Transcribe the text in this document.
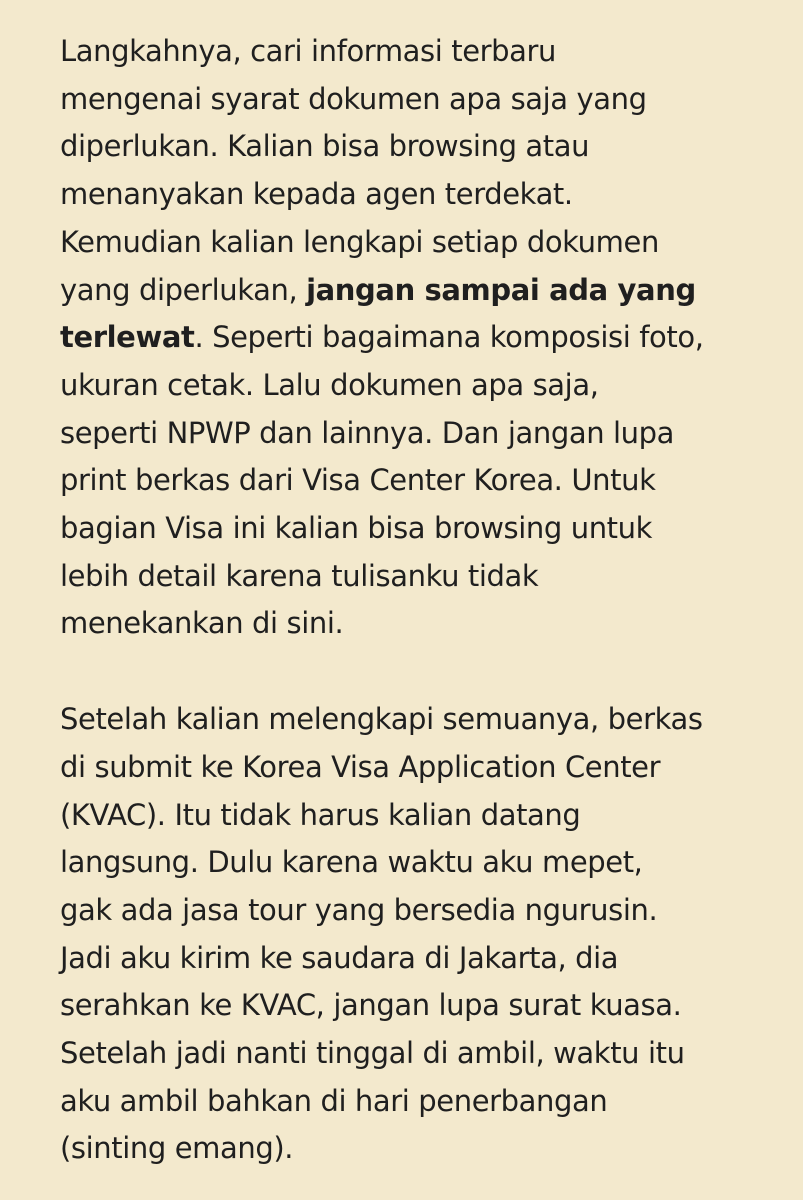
Langkahnya, cari informasi terbaru
mengenai syarat dokumen apa saja yang
diperlukan. Kalian bisa browsing atau
menanyakan kepada agen terdekat.
Kemudian kalian lengkapi setiap dokumen
yang diperlukan, jangan sampai ada yang
terlewat. Seperti bagaimana komposisi foto,
ukuran cetak. Lalu dokumen apa saja,
seperti NPWP dan lainnya. Dan jangan lupa
print berkas dari Visa Center Korea. Untuk
bagian Visa ini kalian bisa browsing untuk
lebih detail karena tulisanku tidak
menekankan di sini.

Setelah kalian melengkapi semuanya, berkas
di submit ke Korea Visa Application Center
(KVAC). Itu tidak harus kalian datang
langsung. Dulu karena waktu aku mepet,
gak ada jasa tour yang bersedia ngurusin.
Jadi aku kirim ke saudara di Jakarta, dia
serahkan ke KVAC, jangan lupa surat kuasa.
Setelah jadi nanti tinggal di ambil, waktu itu
aku ambil bahkan di hari penerbangan
(sinting emang).
